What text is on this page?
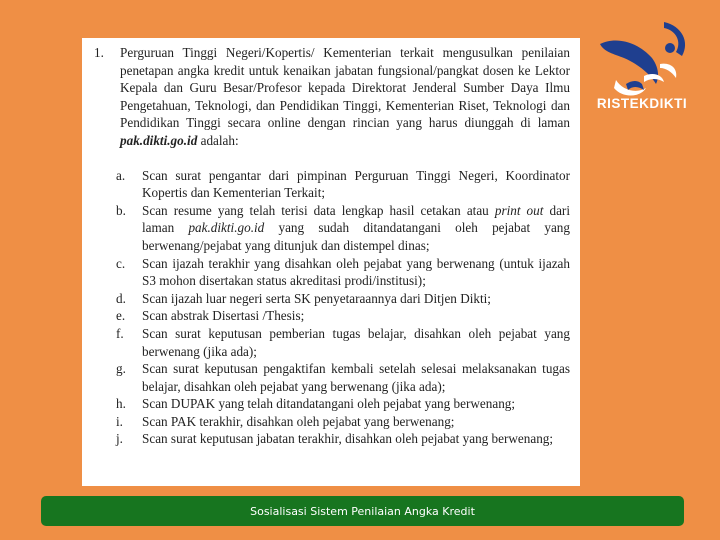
1.	Perguruan Tinggi Negeri/Kopertis/ Kementerian terkait mengusulkan penilaian penetapan angka kredit untuk kenaikan jabatan fungsional/pangkat dosen ke Lektor Kepala dan Guru Besar/Profesor kepada Direktorat Jenderal Sumber Daya Ilmu Pengetahuan, Teknologi, dan Pendidikan Tinggi, Kementerian Riset, Teknologi dan Pendidikan Tinggi secara online dengan rincian yang harus diunggah di laman pak.dikti.go.id adalah:
a.	Scan surat pengantar dari pimpinan Perguruan Tinggi Negeri, Koordinator Kopertis dan Kementerian Terkait;
b.	Scan resume yang telah terisi data lengkap hasil cetakan atau print out dari laman pak.dikti.go.id yang sudah ditandatangani oleh pejabat yang berwenang/pejabat yang ditunjuk dan distempel dinas;
c.	Scan ijazah terakhir yang disahkan oleh pejabat yang berwenang (untuk ijazah S3 mohon disertakan status akreditasi prodi/institusi);
d.	Scan ijazah luar negeri serta SK penyetaraannya dari Ditjen Dikti;
e.	Scan abstrak Disertasi /Thesis;
f.	Scan surat keputusan pemberian tugas belajar, disahkan oleh pejabat yang berwenang (jika ada);
g.	Scan surat keputusan pengaktifan kembali setelah selesai melaksanakan tugas belajar, disahkan oleh pejabat yang berwenang (jika ada);
h.	Scan DUPAK yang telah ditandatangani oleh pejabat yang berwenang;
i.	Scan PAK terakhir, disahkan oleh pejabat yang berwenang;
j.	Scan surat keputusan jabatan terakhir, disahkan oleh pejabat yang berwenang;
RISTEKDIKTI
Sosialisasi Sistem Penilaian Angka Kredit
